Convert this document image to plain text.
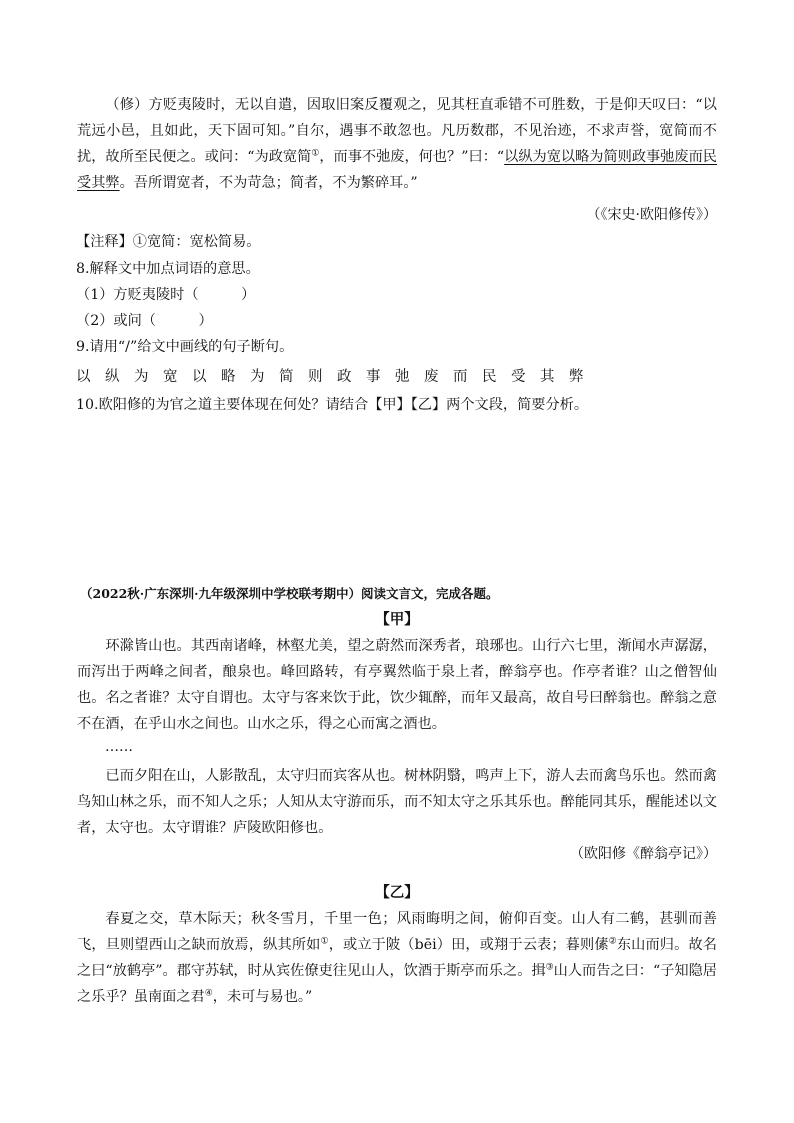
（修）方贬夷陵时，无以自遣，因取旧案反覆观之，见其枉直乖错不可胜数，于是仰天叹曰：“以荒远小邑，且如此，天下固可知。”自尔，遇事不敢忽也。凡历数郡，不见治迹，不求声誉，宽简而不扰，故所至民便之。或问：“为政宽简①，而事不弛废，何也？”曰：“以纵为宽以略为简则政事弛废而民受其弊。吾所谓宽者，不为苛急；简者，不为繁碎耳。”

（《宋史·欧阳修传》）

【注释】①宽简：宽松简易。

8.解释文中加点词语的意思。

（1）方贬夷陵时（　　　）

（2）或问（　　　）

9.请用“/”给文中画线的句子断句。

以纵为宽以略为简则政事弛废而民受其弊

10.欧阳修的为官之道主要体现在何处？请结合【甲】【乙】两个文段，简要分析。

（2022秋·广东深圳·九年级深圳中学校联考期中）阅读文言文，完成各题。

【甲】

环滁皆山也。其西南诸峰，林壑尤美，望之蔚然而深秀者，琅琊也。山行六七里，渐闻水声潺潺，而泻出于两峰之间者，酿泉也。峰回路转，有亭翼然临于泉上者，醉翁亭也。作亭者谁？山之僧智仙也。名之者谁？太守自谓也。太守与客来饮于此，饮少辄醉，而年又最高，故自号曰醉翁也。醉翁之意不在酒，在乎山水之间也。山水之乐，得之心而寓之酒也。

……

已而夕阳在山，人影散乱，太守归而宾客从也。树林阴翳，鸣声上下，游人去而禽鸟乐也。然而禽鸟知山林之乐，而不知人之乐；人知从太守游而乐，而不知太守之乐其乐也。醉能同其乐，醒能述以文者，太守也。太守谓谁？庐陵欧阳修也。

（欧阳修《醉翁亭记》）

【乙】

春夏之交，草木际天；秋冬雪月，千里一色；风雨晦明之间，俯仰百变。山人有二鹤，甚驯而善飞，旦则望西山之缺而放焉，纵其所如①，或立于陂（bēi）田，或翔于云表；暮则傃②东山而归。故名之曰“放鹤亭”。郡守苏轼，时从宾佐僚吏往见山人，饮酒于斯亭而乐之。揖③山人而告之曰：“子知隐居之乐乎？虽南面之君④，未可与易也。”
